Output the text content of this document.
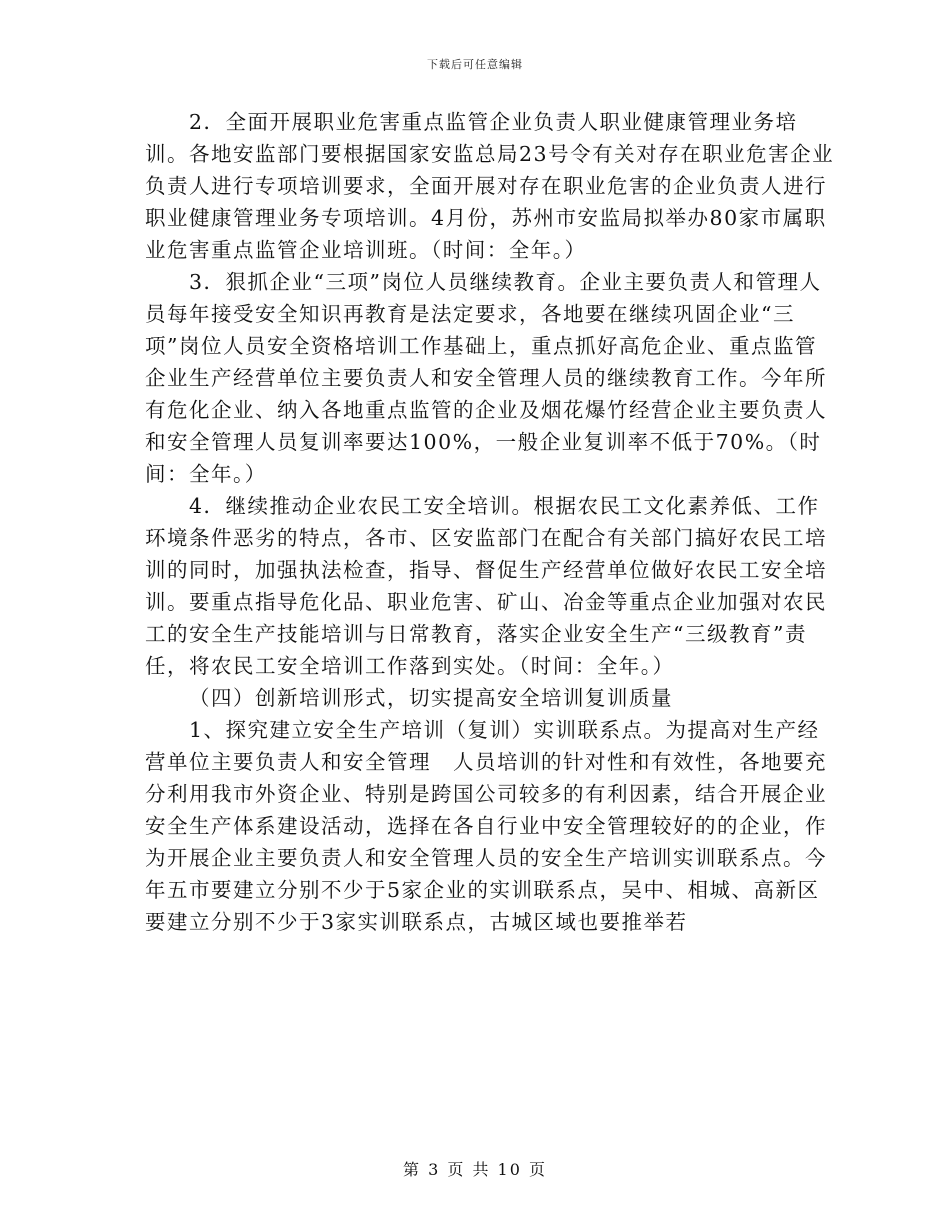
下载后可任意编辑

2．全面开展职业危害重点监管企业负责人职业健康管理业务培训。各地安监部门要根据国家安监总局23号令有关对存在职业危害企业负责人进行专项培训要求，全面开展对存在职业危害的企业负责人进行职业健康管理业务专项培训。4月份，苏州市安监局拟举办80家市属职业危害重点监管企业培训班。（时间：全年。）

3．狠抓企业“三项”岗位人员继续教育。企业主要负责人和管理人员每年接受安全知识再教育是法定要求，各地要在继续巩固企业“三项”岗位人员安全资格培训工作基础上，重点抓好高危企业、重点监管企业生产经营单位主要负责人和安全管理人员的继续教育工作。今年所有危化企业、纳入各地重点监管的企业及烟花爆竹经营企业主要负责人和安全管理人员复训率要达100%，一般企业复训率不低于70%。（时间：全年。）

4．继续推动企业农民工安全培训。根据农民工文化素养低、工作环境条件恶劣的特点，各市、区安监部门在配合有关部门搞好农民工培训的同时，加强执法检查，指导、督促生产经营单位做好农民工安全培训。要重点指导危化品、职业危害、矿山、冶金等重点企业加强对农民工的安全生产技能培训与日常教育，落实企业安全生产“三级教育”责任，将农民工安全培训工作落到实处。（时间：全年。）

（四）创新培训形式，切实提高安全培训复训质量

1、探究建立安全生产培训（复训）实训联系点。为提高对生产经营单位主要负责人和安全管理　人员培训的针对性和有效性，各地要充分利用我市外资企业、特别是跨国公司较多的有利因素，结合开展企业安全生产体系建设活动，选择在各自行业中安全管理较好的的企业，作为开展企业主要负责人和安全管理人员的安全生产培训实训联系点。今年五市要建立分别不少于5家企业的实训联系点，吴中、相城、高新区要建立分别不少于3家实训联系点，古城区域也要推举若

第 3 页 共 10 页
